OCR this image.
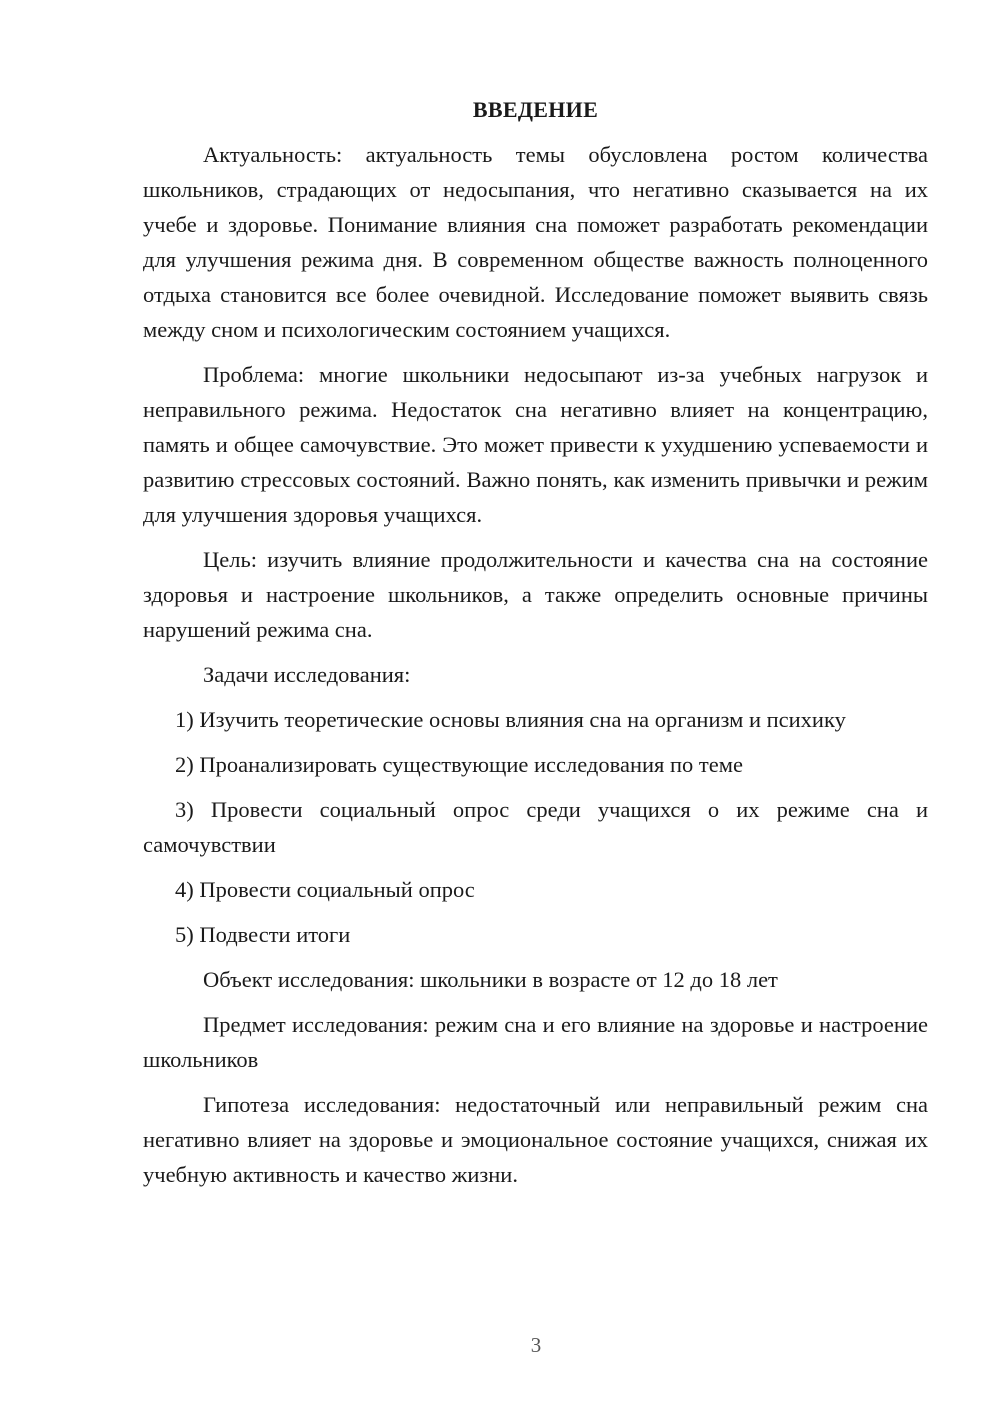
ВВЕДЕНИЕ

Актуальность: актуальность темы обусловлена ростом количества школьников, страдающих от недосыпания, что негативно сказывается на их учебе и здоровье. Понимание влияния сна поможет разработать рекомендации для улучшения режима дня. В современном обществе важность полноценного отдыха становится все более очевидной. Исследование поможет выявить связь между сном и психологическим состоянием учащихся.

Проблема: многие школьники недосыпают из-за учебных нагрузок и неправильного режима. Недостаток сна негативно влияет на концентрацию, память и общее самочувствие. Это может привести к ухудшению успеваемости и развитию стрессовых состояний. Важно понять, как изменить привычки и режим для улучшения здоровья учащихся.

Цель: изучить влияние продолжительности и качества сна на состояние здоровья и настроение школьников, а также определить основные причины нарушений режима сна.

Задачи исследования:

1) Изучить теоретические основы влияния сна на организм и психику

2) Проанализировать существующие исследования по теме

3) Провести социальный опрос среди учащихся о их режиме сна и самочувствии

4) Провести социальный опрос

5) Подвести итоги

Объект исследования: школьники в возрасте от 12 до 18 лет

Предмет исследования: режим сна и его влияние на здоровье и настроение школьников

Гипотеза исследования: недостаточный или неправильный режим сна негативно влияет на здоровье и эмоциональное состояние учащихся, снижая их учебную активность и качество жизни.

3
